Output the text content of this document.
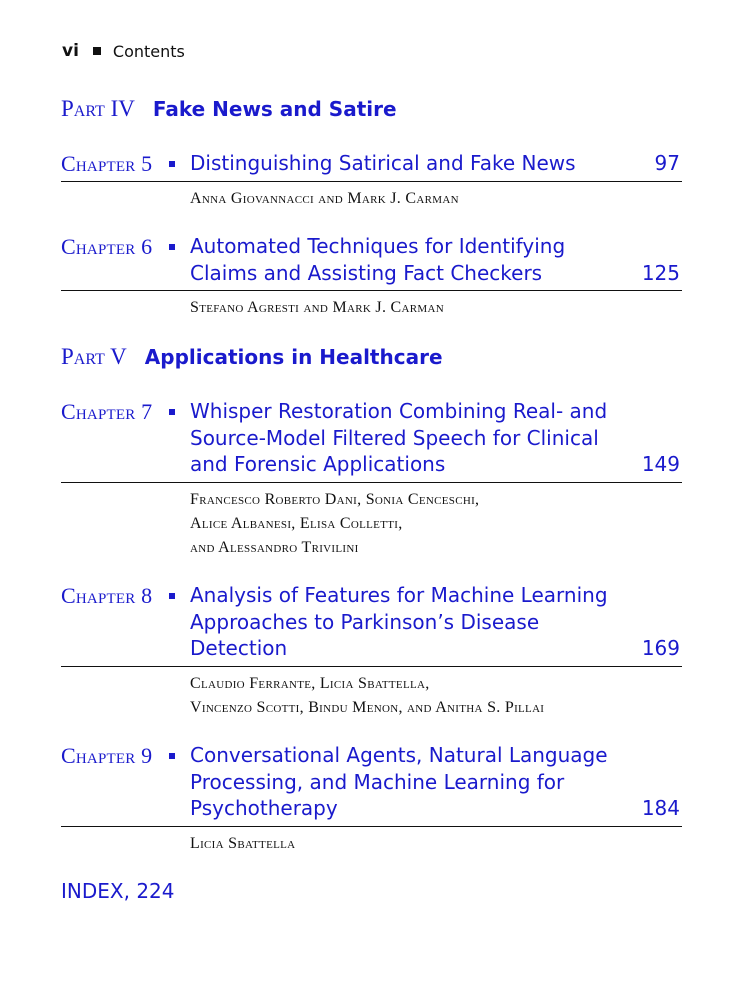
vi Contents
Part IV Fake News and Satire
Chapter 5 Distinguishing Satirical and Fake News	97
Anna Giovannacci and Mark J. Carman
Chapter 6 Automated Techniques for Identifying
Claims and Assisting Fact Checkers	125
Stefano Agresti and Mark J. Carman
Part V Applications in Healthcare
Chapter 7 Whisper Restoration Combining Real- and
Source-Model Filtered Speech for Clinical
and Forensic Applications	149
Francesco Roberto Dani, Sonia Cenceschi,
Alice Albanesi, Elisa Colletti,
and Alessandro Trivilini
Chapter 8 Analysis of Features for Machine Learning
Approaches to Parkinson’s Disease
Detection	169
Claudio Ferrante, Licia Sbattella,
Vincenzo Scotti, Bindu Menon, and Anitha S. Pillai
Chapter 9 Conversational Agents, Natural Language
Processing, and Machine Learning for
Psychotherapy	184
Licia Sbattella
INDEX, 224
